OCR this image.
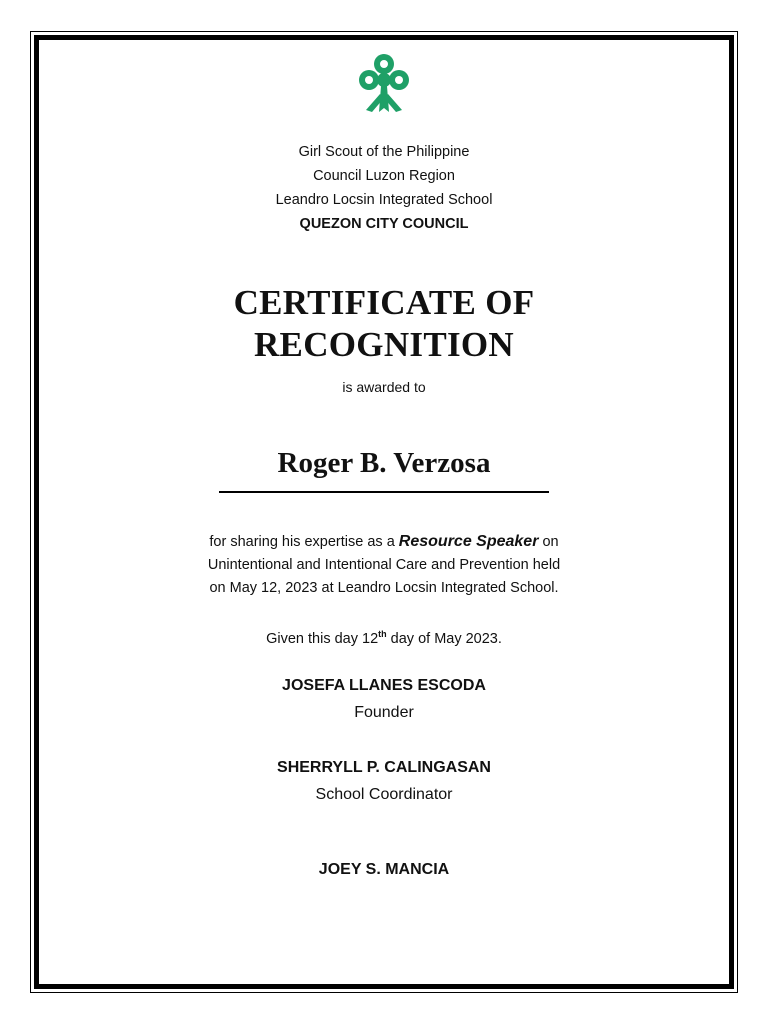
Girl Scout of the Philippine
Council Luzon Region
Leandro Locsin Integrated School
QUEZON CITY COUNCIL
CERTIFICATE OF
RECOGNITION
is awarded to
Roger B. Verzosa
for sharing his expertise as a Resource Speaker on
Unintentional and Intentional Care and Prevention held
on May 12, 2023 at Leandro Locsin Integrated School.
Given this day 12th day of May 2023.
JOSEFA LLANES ESCODA
Founder
SHERRYLL P. CALINGASAN
School Coordinator
JOEY S. MANCIA
